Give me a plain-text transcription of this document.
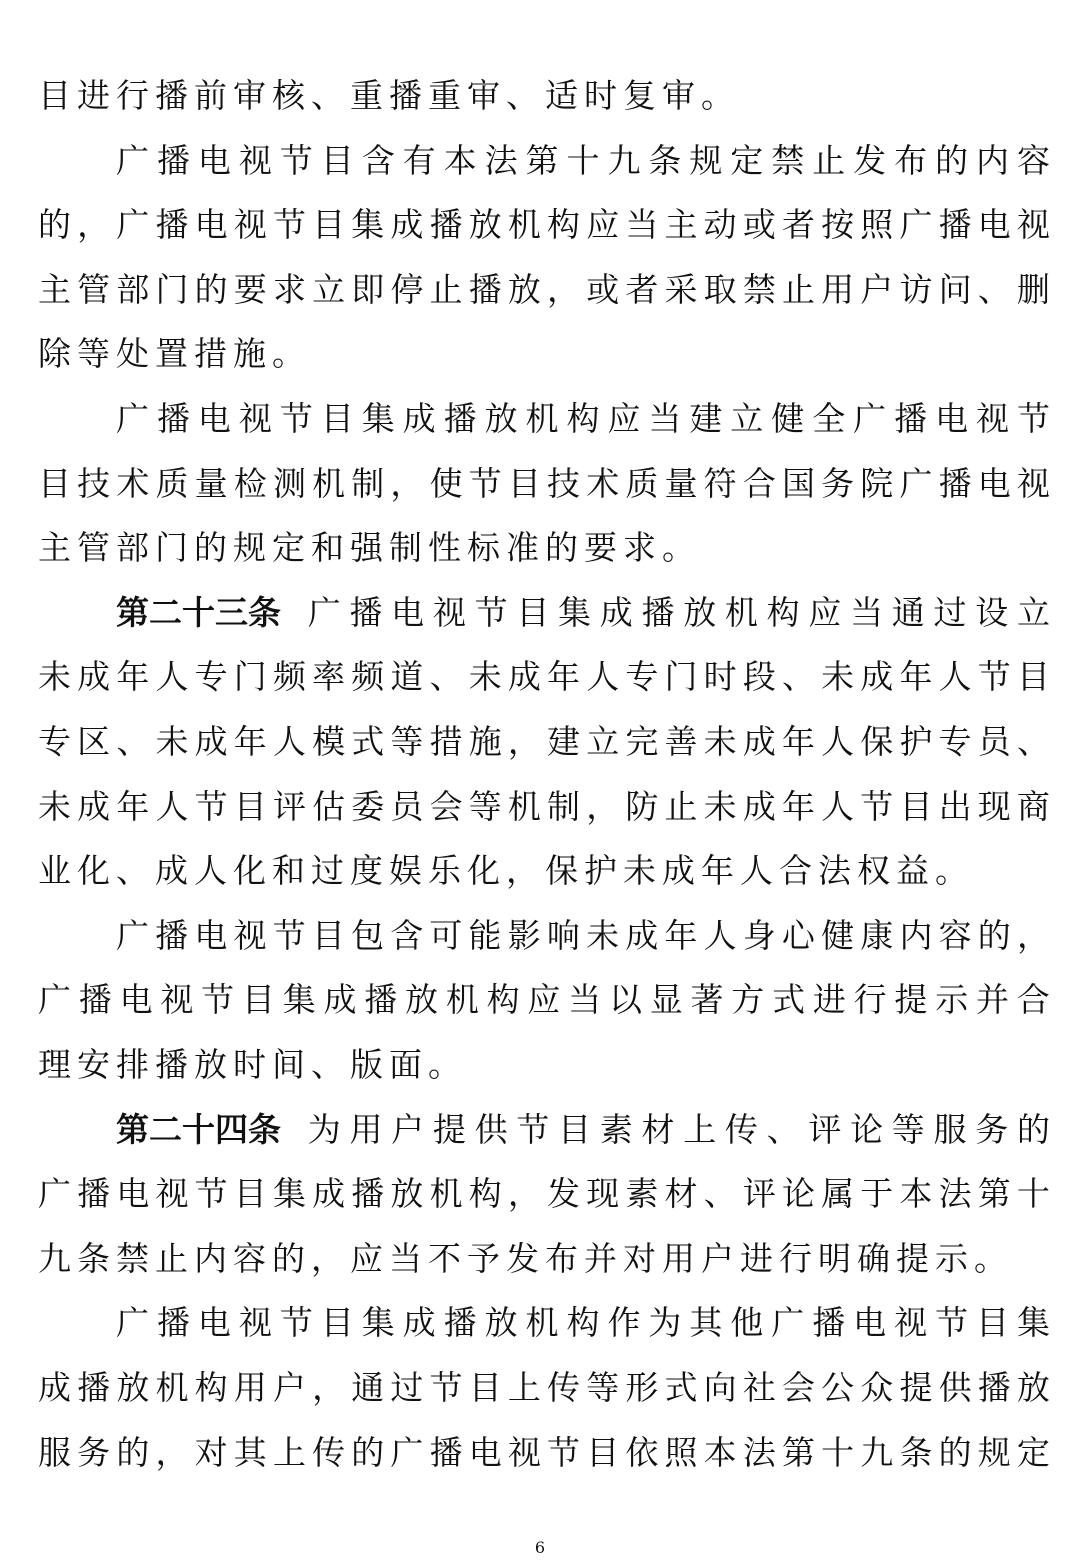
目 进 行 播 前 审 核 、 重 播 重 审 、 适 时 复 审 。
广 播 电 视 节 目 含 有 本 法 第 十 九 条 规 定 禁 止 发 布 的 内 容
的 ， 广 播 电 视 节 目 集 成 播 放 机 构 应 当 主 动 或 者 按 照 广 播 电 视
主 管 部 门 的 要 求 立 即 停 止 播 放 ， 或 者 采 取 禁 止 用 户 访 问 、 删
除 等 处 置 措 施 。
广 播 电 视 节 目 集 成 播 放 机 构 应 当 建 立 健 全 广 播 电 视 节
目 技 术 质 量 检 测 机 制 ， 使 节 目 技 术 质 量 符 合 国 务 院 广 播 电 视
主 管 部 门 的 规 定 和 强 制 性 标 准 的 要 求 。
第二十三条 广 播 电 视 节 目 集 成 播 放 机 构 应 当 通 过 设 立
未 成 年 人 专 门 频 率 频 道 、 未 成 年 人 专 门 时 段 、 未 成 年 人 节 目
专 区 、 未 成 年 人 模 式 等 措 施 ， 建 立 完 善 未 成 年 人 保 护 专 员 、
未 成 年 人 节 目 评 估 委 员 会 等 机 制 ， 防 止 未 成 年 人 节 目 出 现 商
业 化 、 成 人 化 和 过 度 娱 乐 化 ， 保 护 未 成 年 人 合 法 权 益 。
广 播 电 视 节 目 包 含 可 能 影 响 未 成 年 人 身 心 健 康 内 容 的 ，
广 播 电 视 节 目 集 成 播 放 机 构 应 当 以 显 著 方 式 进 行 提 示 并 合
理 安 排 播 放 时 间 、 版 面 。
第二十四条 为 用 户 提 供 节 目 素 材 上 传 、 评 论 等 服 务 的
广 播 电 视 节 目 集 成 播 放 机 构 ， 发 现 素 材 、 评 论 属 于 本 法 第 十
九 条 禁 止 内 容 的 ， 应 当 不 予 发 布 并 对 用 户 进 行 明 确 提 示 。
广 播 电 视 节 目 集 成 播 放 机 构 作 为 其 他 广 播 电 视 节 目 集
成 播 放 机 构 用 户 ， 通 过 节 目 上 传 等 形 式 向 社 会 公 众 提 供 播 放
服 务 的 ， 对 其 上 传 的 广 播 电 视 节 目 依 照 本 法 第 十 九 条 的 规 定
6
